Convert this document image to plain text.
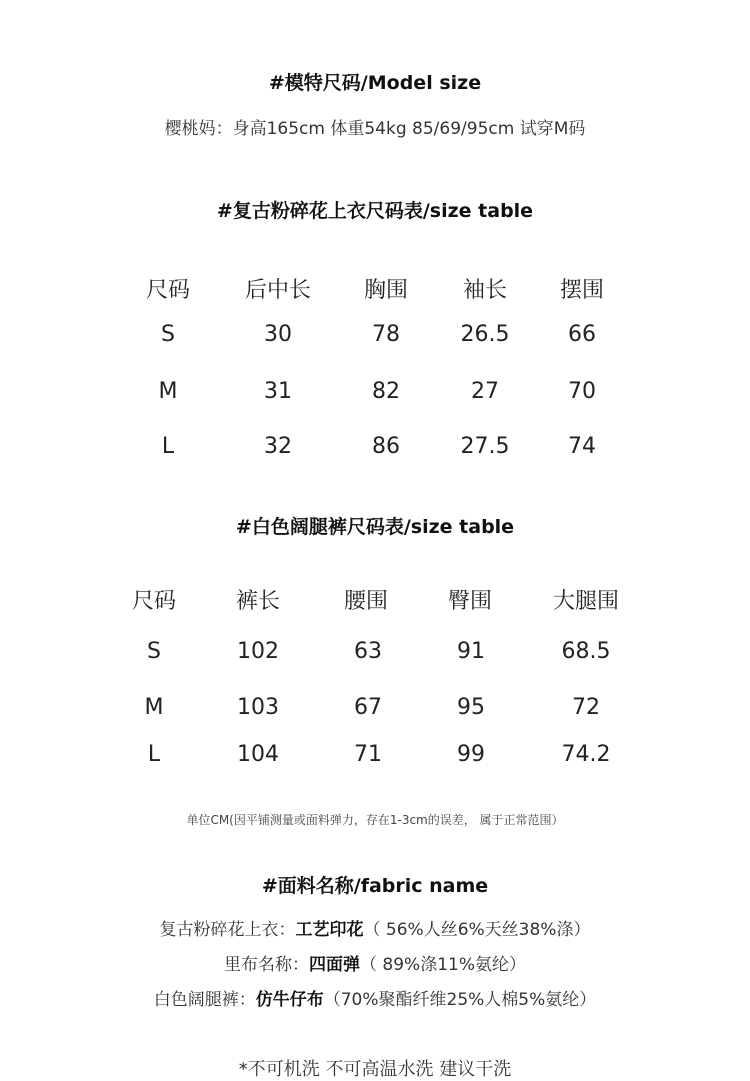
#模特尺码/Model size
樱桃妈：身高165cm 体重54kg 85/69/95cm 试穿M码
#复古粉碎花上衣尺码表/size table
尺码 后中长 胸围 袖长 摆围
S	30	78	26.5	66
M	31	82	27	70
L	32	86	27.5	74
#白色阔腿裤尺码表/size table
尺码	裤长	腰围	臀围	大腿围
S	102	63	91	68.5
M	103	67	95	72
L	104	71	99	74.2
单位CM(因平铺测量或面料弹力，存在1-3cm的误差， 属于正常范围）
#面料名称/fabric name
复古粉碎花上衣：工艺印花（ 56%人丝6%天丝38%涤）
里布名称：四面弹（ 89%涤11%氨纶）
白色阔腿裤：仿牛仔布（70%聚酯纤维25%人棉5%氨纶）
*不可机洗 不可高温水洗 建议干洗
